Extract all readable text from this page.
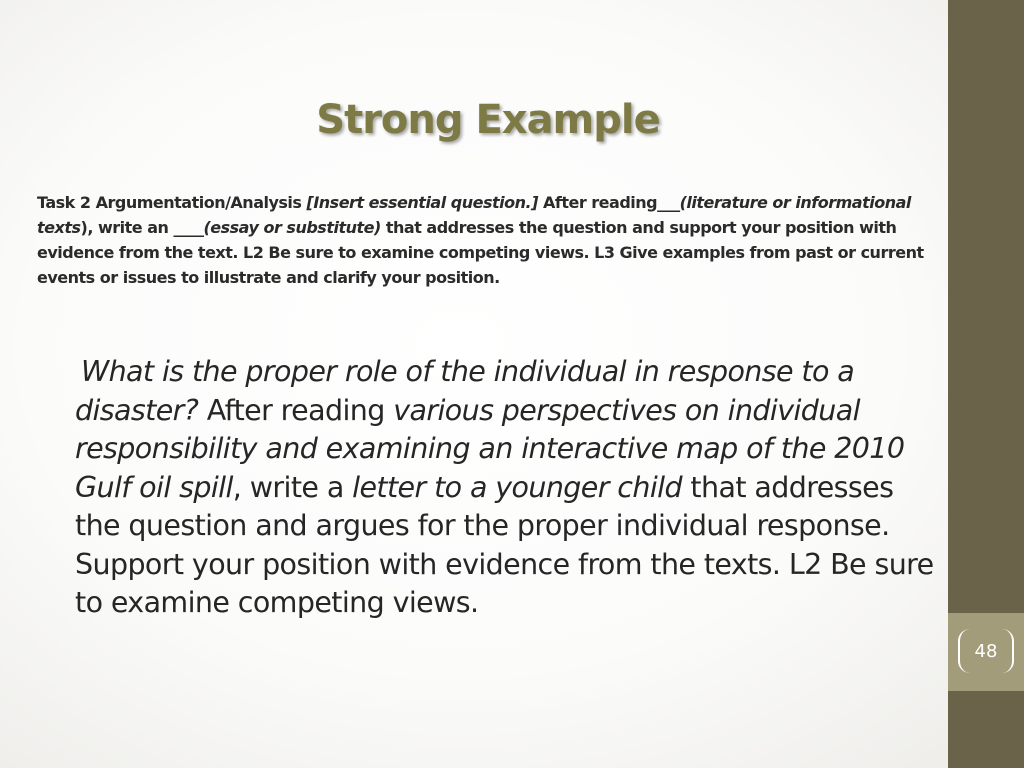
Strong Example

Task 2 Argumentation/Analysis [Insert essential question.] After reading___(literature or informational texts), write an ____(essay or substitute) that addresses the question and support your position with evidence from the text. L2 Be sure to examine competing views. L3 Give examples from past or current events or issues to illustrate and clarify your position.

What is the proper role of the individual in response to a disaster? After reading various perspectives on individual responsibility and examining an interactive map of the 2010 Gulf oil spill, write a letter to a younger child that addresses the question and argues for the proper individual response. Support your position with evidence from the texts. L2 Be sure to examine competing views.

48
